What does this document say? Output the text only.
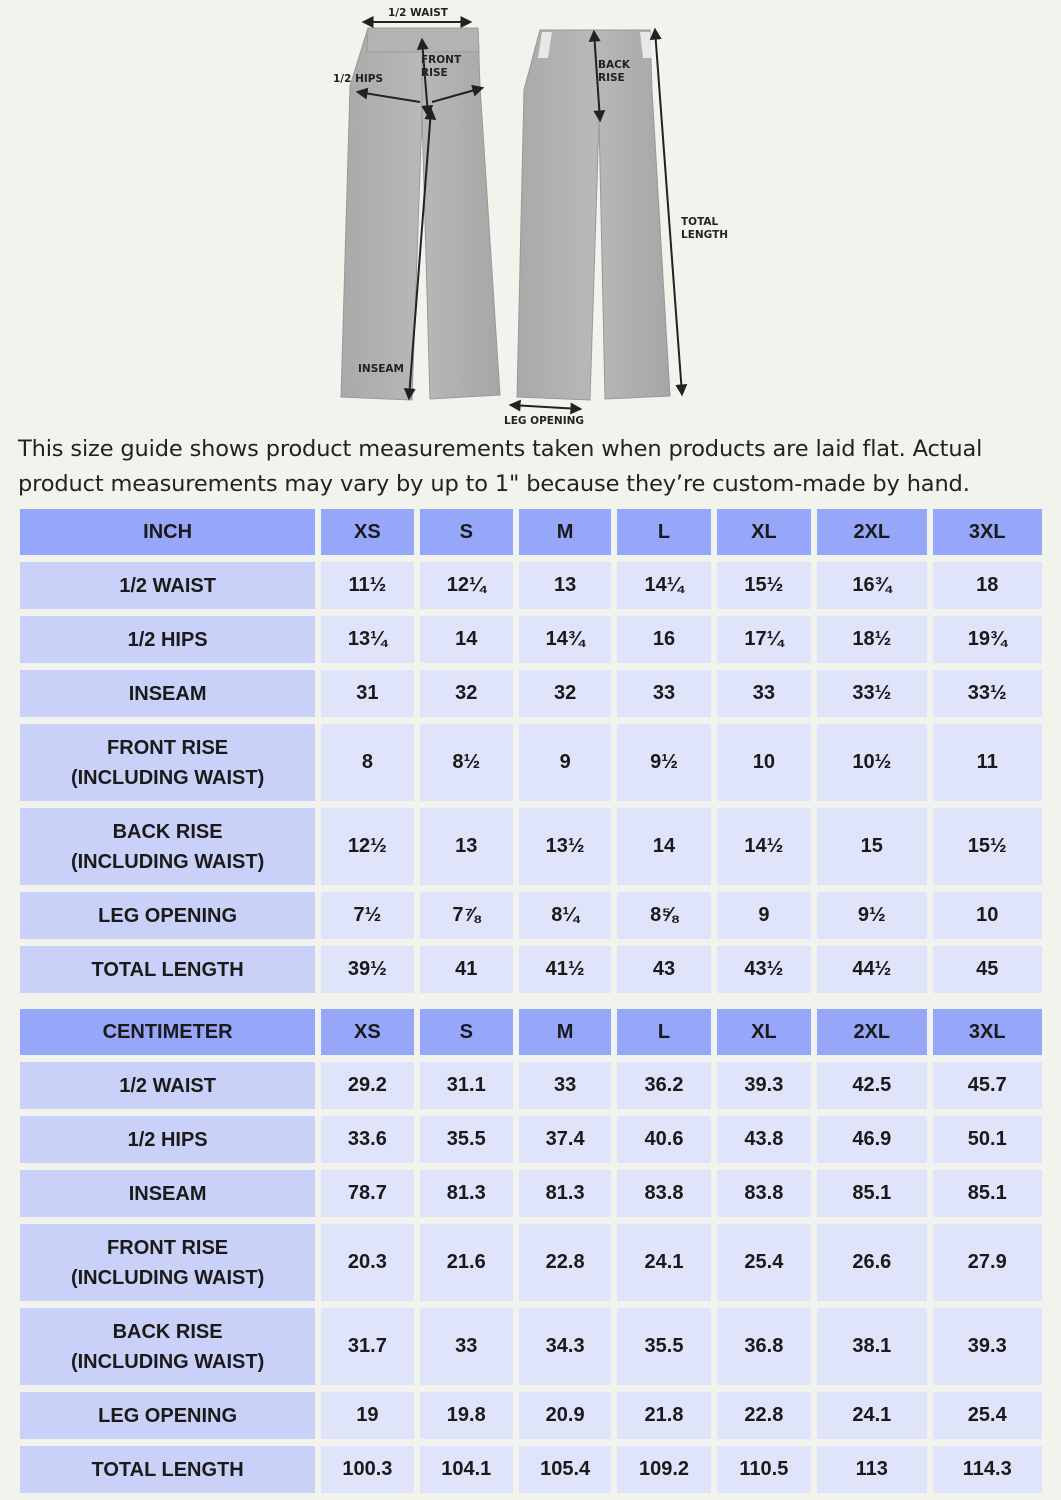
1/2 WAIST
FRONT
RISE
1/2 HIPS
BACK
RISE
TOTAL
LENGTH
INSEAM
LEG OPENING
This size guide shows product measurements taken when products are laid flat. Actual product measurements may vary by up to 1" because they’re custom-made by hand.
INCH	XS	S	M	L	XL	2XL	3XL
1/2 WAIST	11½	12¼	13	14¼	15½	16¾	18
1/2 HIPS	13¼	14	14¾	16	17¼	18½	19¾
INSEAM	31	32	32	33	33	33½	33½
FRONT RISE
(INCLUDING WAIST)	8	8½	9	9½	10	10½	11
BACK RISE
(INCLUDING WAIST)	12½	13	13½	14	14½	15	15½
LEG OPENING	7½	7⅞	8¼	8⅝	9	9½	10
TOTAL LENGTH	39½	41	41½	43	43½	44½	45
CENTIMETER	XS	S	M	L	XL	2XL	3XL
1/2 WAIST	29.2	31.1	33	36.2	39.3	42.5	45.7
1/2 HIPS	33.6	35.5	37.4	40.6	43.8	46.9	50.1
INSEAM	78.7	81.3	81.3	83.8	83.8	85.1	85.1
FRONT RISE
(INCLUDING WAIST)	20.3	21.6	22.8	24.1	25.4	26.6	27.9
BACK RISE
(INCLUDING WAIST)	31.7	33	34.3	35.5	36.8	38.1	39.3
LEG OPENING	19	19.8	20.9	21.8	22.8	24.1	25.4
TOTAL LENGTH	100.3	104.1	105.4	109.2	110.5	113	114.3
